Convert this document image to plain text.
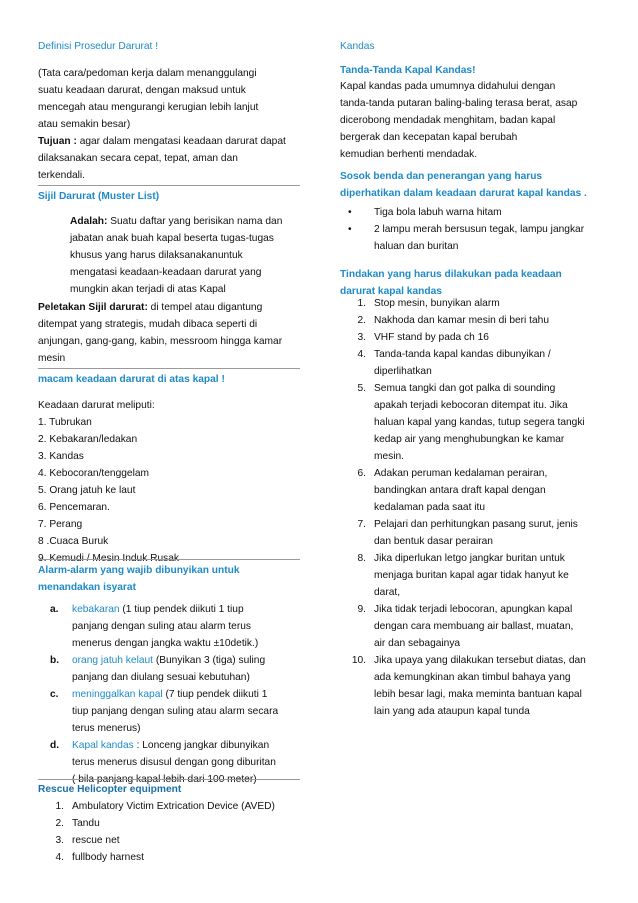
Definisi Prosedur Darurat !

(Tata cara/pedoman kerja dalam menanggulangi
suatu keadaan darurat, dengan maksud untuk
mencegah atau mengurangi kerugian lebih lanjut
atau semakin besar)

Tujuan : agar dalam mengatasi keadaan darurat dapat
dilaksanakan secara cepat, tepat, aman dan
terkendali.

Sijil Darurat (Muster List)

Adalah: Suatu daftar yang berisikan nama dan
jabatan anak buah kapal beserta tugas-tugas
khusus yang harus dilaksanakanuntuk
mengatasi keadaan-keadaan darurat yang
mungkin akan terjadi di atas Kapal

Peletakan Sijil darurat: di tempel atau digantung
ditempat yang strategis, mudah dibaca seperti di
anjungan, gang-gang, kabin, messroom hingga kamar
mesin

macam keadaan darurat di atas kapal !

Keadaan darurat meliputi:
1. Tubrukan
2. Kebakaran/ledakan
3. Kandas
4. Kebocoran/tenggelam
5. Orang jatuh ke laut
6. Pencemaran.
7. Perang
8 .Cuaca Buruk
9. Kemudi / Mesin Induk Rusak

Alarm-alarm yang wajib dibunyikan untuk
menandakan isyarat

a. kebakaran (1 tiup pendek diikuti 1 tiup
panjang dengan suling atau alarm terus
menerus dengan jangka waktu ±10detik.)
b. orang jatuh kelaut (Bunyikan 3 (tiga) suling
panjang dan diulang sesuai kebutuhan)
c. meninggalkan kapal (7 tiup pendek diikuti 1
tiup panjang dengan suling atau alarm secara
terus menerus)
d. Kapal kandas : Lonceng jangkar dibunyikan
terus menerus disusul dengan gong diburitan
( bila panjang kapal lebih dari 100 meter)

Rescue Helicopter equipment

1. Ambulatory Victim Extrication Device (AVED)
2. Tandu
3. rescue net
4. fullbody harnest

Kandas

Tanda-Tanda Kapal Kandas!

Kapal kandas pada umumnya didahului dengan
tanda-tanda putaran baling-baling terasa berat, asap
dicerobong mendadak menghitam, badan kapal
bergerak dan kecepatan kapal berubah
kemudian berhenti mendadak.

Sosok benda dan penerangan yang harus
diperhatikan dalam keadaan darurat kapal kandas .

• Tiga bola labuh warna hitam
• 2 lampu merah bersusun tegak, lampu jangkar
haluan dan buritan

Tindakan yang harus dilakukan pada keadaan
darurat kapal kandas

1. Stop mesin, bunyikan alarm
2. Nakhoda dan kamar mesin di beri tahu
3. VHF stand by pada ch 16
4. Tanda-tanda kapal kandas dibunyikan /
diperlihatkan
5. Semua tangki dan got palka di sounding
apakah terjadi kebocoran ditempat itu. Jika
haluan kapal yang kandas, tutup segera tangki
kedap air yang menghubungkan ke kamar
mesin.
6. Adakan peruman kedalaman perairan,
bandingkan antara draft kapal dengan
kedalaman pada saat itu
7. Pelajari dan perhitungkan pasang surut, jenis
dan bentuk dasar perairan
8. Jika diperlukan letgo jangkar buritan untuk
menjaga buritan kapal agar tidak hanyut ke
darat,
9. Jika tidak terjadi lebocoran, apungkan kapal
dengan cara membuang air ballast, muatan,
air dan sebagainya
10. Jika upaya yang dilakukan tersebut diatas, dan
ada kemungkinan akan timbul bahaya yang
lebih besar lagi, maka meminta bantuan kapal
lain yang ada ataupun kapal tunda
